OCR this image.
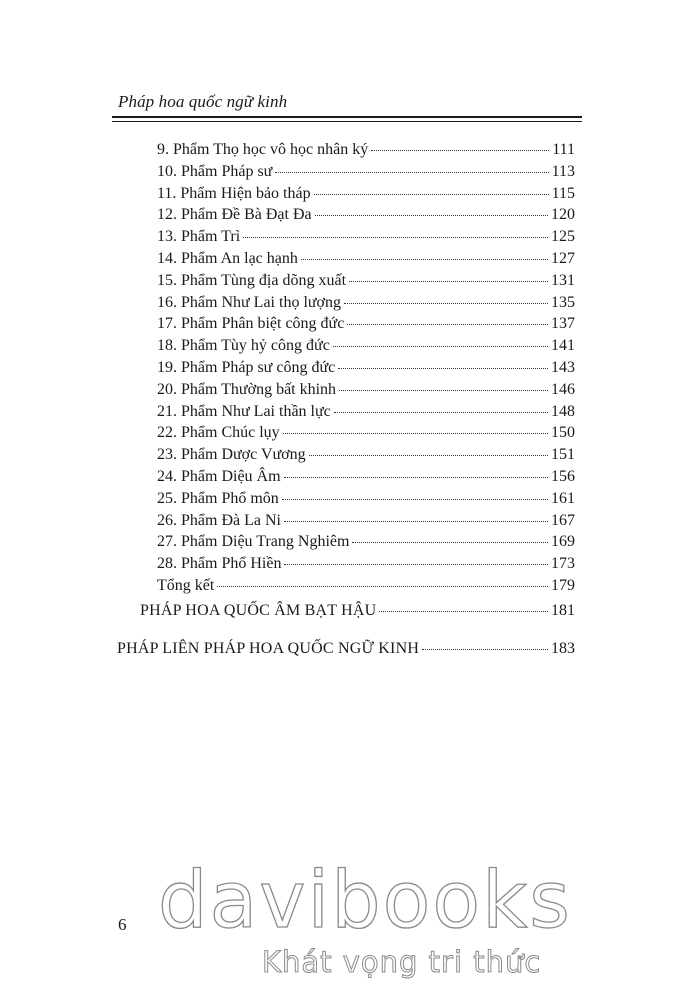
Pháp hoa quốc ngữ kinh
9. Phẩm Thọ học vô học nhân ký	111
10. Phẩm Pháp sư	113
11. Phẩm Hiện bảo tháp	115
12. Phẩm Đề Bà Đạt Đa	120
13. Phẩm Trì	125
14. Phẩm An lạc hạnh	127
15. Phẩm Tùng địa dõng xuất	131
16. Phẩm Như Lai thọ lượng	135
17. Phẩm Phân biệt công đức	137
18. Phẩm Tùy hỷ công đức	141
19. Phẩm Pháp sư công đức	143
20. Phẩm Thường bất khinh	146
21. Phẩm Như Lai thần lực	148
22. Phẩm Chúc lụy	150
23. Phẩm Dược Vương	151
24. Phẩm Diệu Âm	156
25. Phẩm Phổ môn	161
26. Phẩm Đà La Ni	167
27. Phẩm Diệu Trang Nghiêm	169
28. Phẩm Phổ Hiền	173
Tổng kết	179
PHÁP HOA QUỐC ÂM BẠT HẬU	181
PHÁP LIÊN PHÁP HOA QUỐC NGỮ KINH	183
6 davibooks
Khát vọng tri thức
